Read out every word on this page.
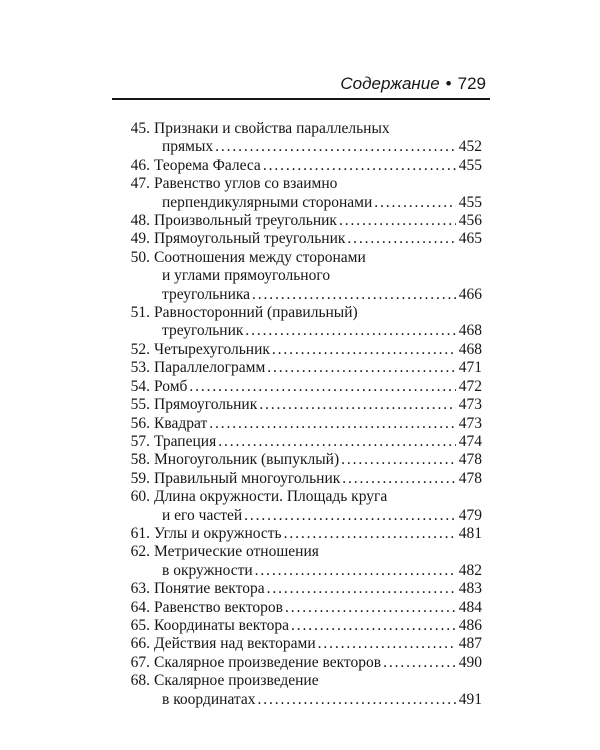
Содержание • 729
45. Признаки и свойства параллельных
прямых . . .	452
46. Теорема Фалеса . . .	455
47. Равенство углов со взаимно
перпендикулярными сторонами . . .	455
48. Произвольный треугольник . . .	456
49. Прямоугольный треугольник . . .	465
50. Соотношения между сторонами
и углами прямоугольного
треугольника . . .	466
51. Равносторонний (правильный)
треугольник . . .	468
52. Четырехугольник . . .	468
53. Параллелограмм . . .	471
54. Ромб . . .	472
55. Прямоугольник . . .	473
56. Квадрат . . .	473
57. Трапеция . . .	474
58. Многоугольник (выпуклый) . . .	478
59. Правильный многоугольник . . .	478
60. Длина окружности. Площадь круга
и его частей . . .	479
61. Углы и окружность . . .	481
62. Метрические отношения
в окружности . . .	482
63. Понятие вектора . . .	483
64. Равенство векторов . . .	484
65. Координаты вектора . . .	486
66. Действия над векторами . . .	487
67. Скалярное произведение векторов . . .	490
68. Скалярное произведение
в координатах . . .	491
